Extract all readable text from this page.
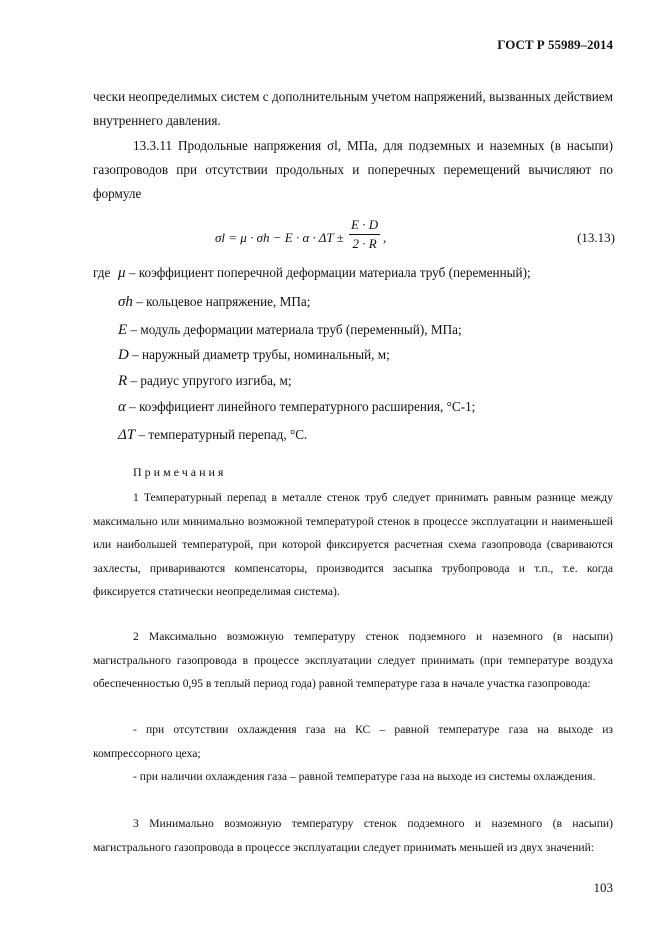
ГОСТ Р 55989–2014
чески неопределимых систем с дополнительным учетом напряжений, вызванных действием внутреннего давления.
13.3.11 Продольные напряжения σl, МПа, для подземных и наземных (в насыпи) газопроводов при отсутствии продольных и поперечных перемещений вычисляют по формуле
$\sigma l = \mu \cdot \sigma h - E \cdot \alpha \cdot \Delta T \pm \frac{E \cdot D}{2 \cdot R}$ ,	(13.13)
где μ – коэффициент поперечной деформации материала труб (переменный);
σh – кольцевое напряжение, МПа;
E – модуль деформации материала труб (переменный), МПа;
D – наружный диаметр трубы, номинальный, м;
R – радиус упругого изгиба, м;
α – коэффициент линейного температурного расширения, °С-1;
ΔT – температурный перепад, °С.
Примечания
1 Температурный перепад в металле стенок труб следует принимать равным разнице между максимально или минимально возможной температурой стенок в процессе эксплуатации и наименьшей или наибольшей температурой, при которой фиксируется расчетная схема газопровода (свариваются захлесты, привариваются компенсаторы, производится засыпка трубопровода и т.п., т.е. когда фиксируется статически неопределимая система).
2 Максимально возможную температуру стенок подземного и наземного (в насыпи) магистрального газопровода в процессе эксплуатации следует принимать (при температуре воздуха обеспеченностью 0,95 в теплый период года) равной температуре газа в начале участка газопровода:
- при отсутствии охлаждения газа на КС – равной температуре газа на выходе из компрессорного цеха;
- при наличии охлаждения газа – равной температуре газа на выходе из системы охлаждения.
3 Минимально возможную температуру стенок подземного и наземного (в насыпи) магистрального газопровода в процессе эксплуатации следует принимать меньшей из двух значений:
103
